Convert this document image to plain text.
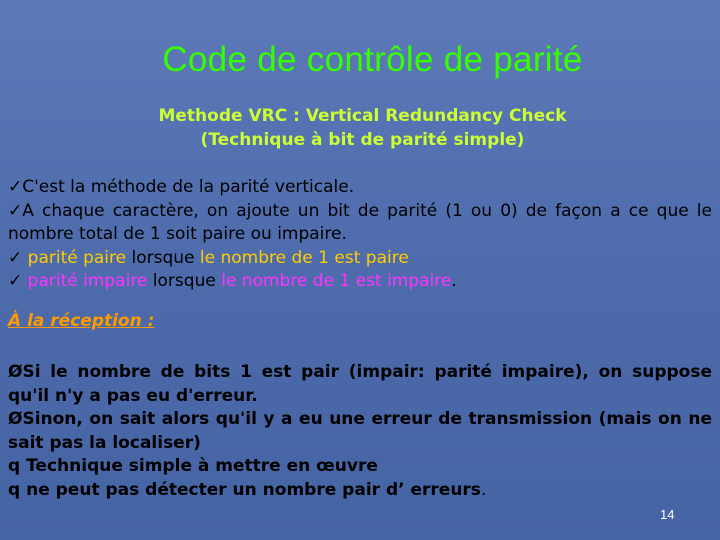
Code de contrôle de parité
Methode VRC : Vertical Redundancy Check
(Technique à bit de parité simple)
✓C'est la méthode de la parité verticale.
✓A chaque caractère, on ajoute un bit de parité (1 ou 0) de façon a ce que le nombre total de 1 soit paire ou impaire.
✓ parité paire lorsque le nombre de 1 est paire
✓ parité impaire lorsque le nombre de 1 est impaire.
À la réception :
ØSi le nombre de bits 1 est pair (impair: parité impaire), on suppose qu'il n'y a pas eu d'erreur.
ØSinon, on sait alors qu'il y a eu une erreur de transmission (mais on ne sait pas la localiser)
q Technique simple à mettre en œuvre
q ne peut pas détecter un nombre pair d’ erreurs.
14
